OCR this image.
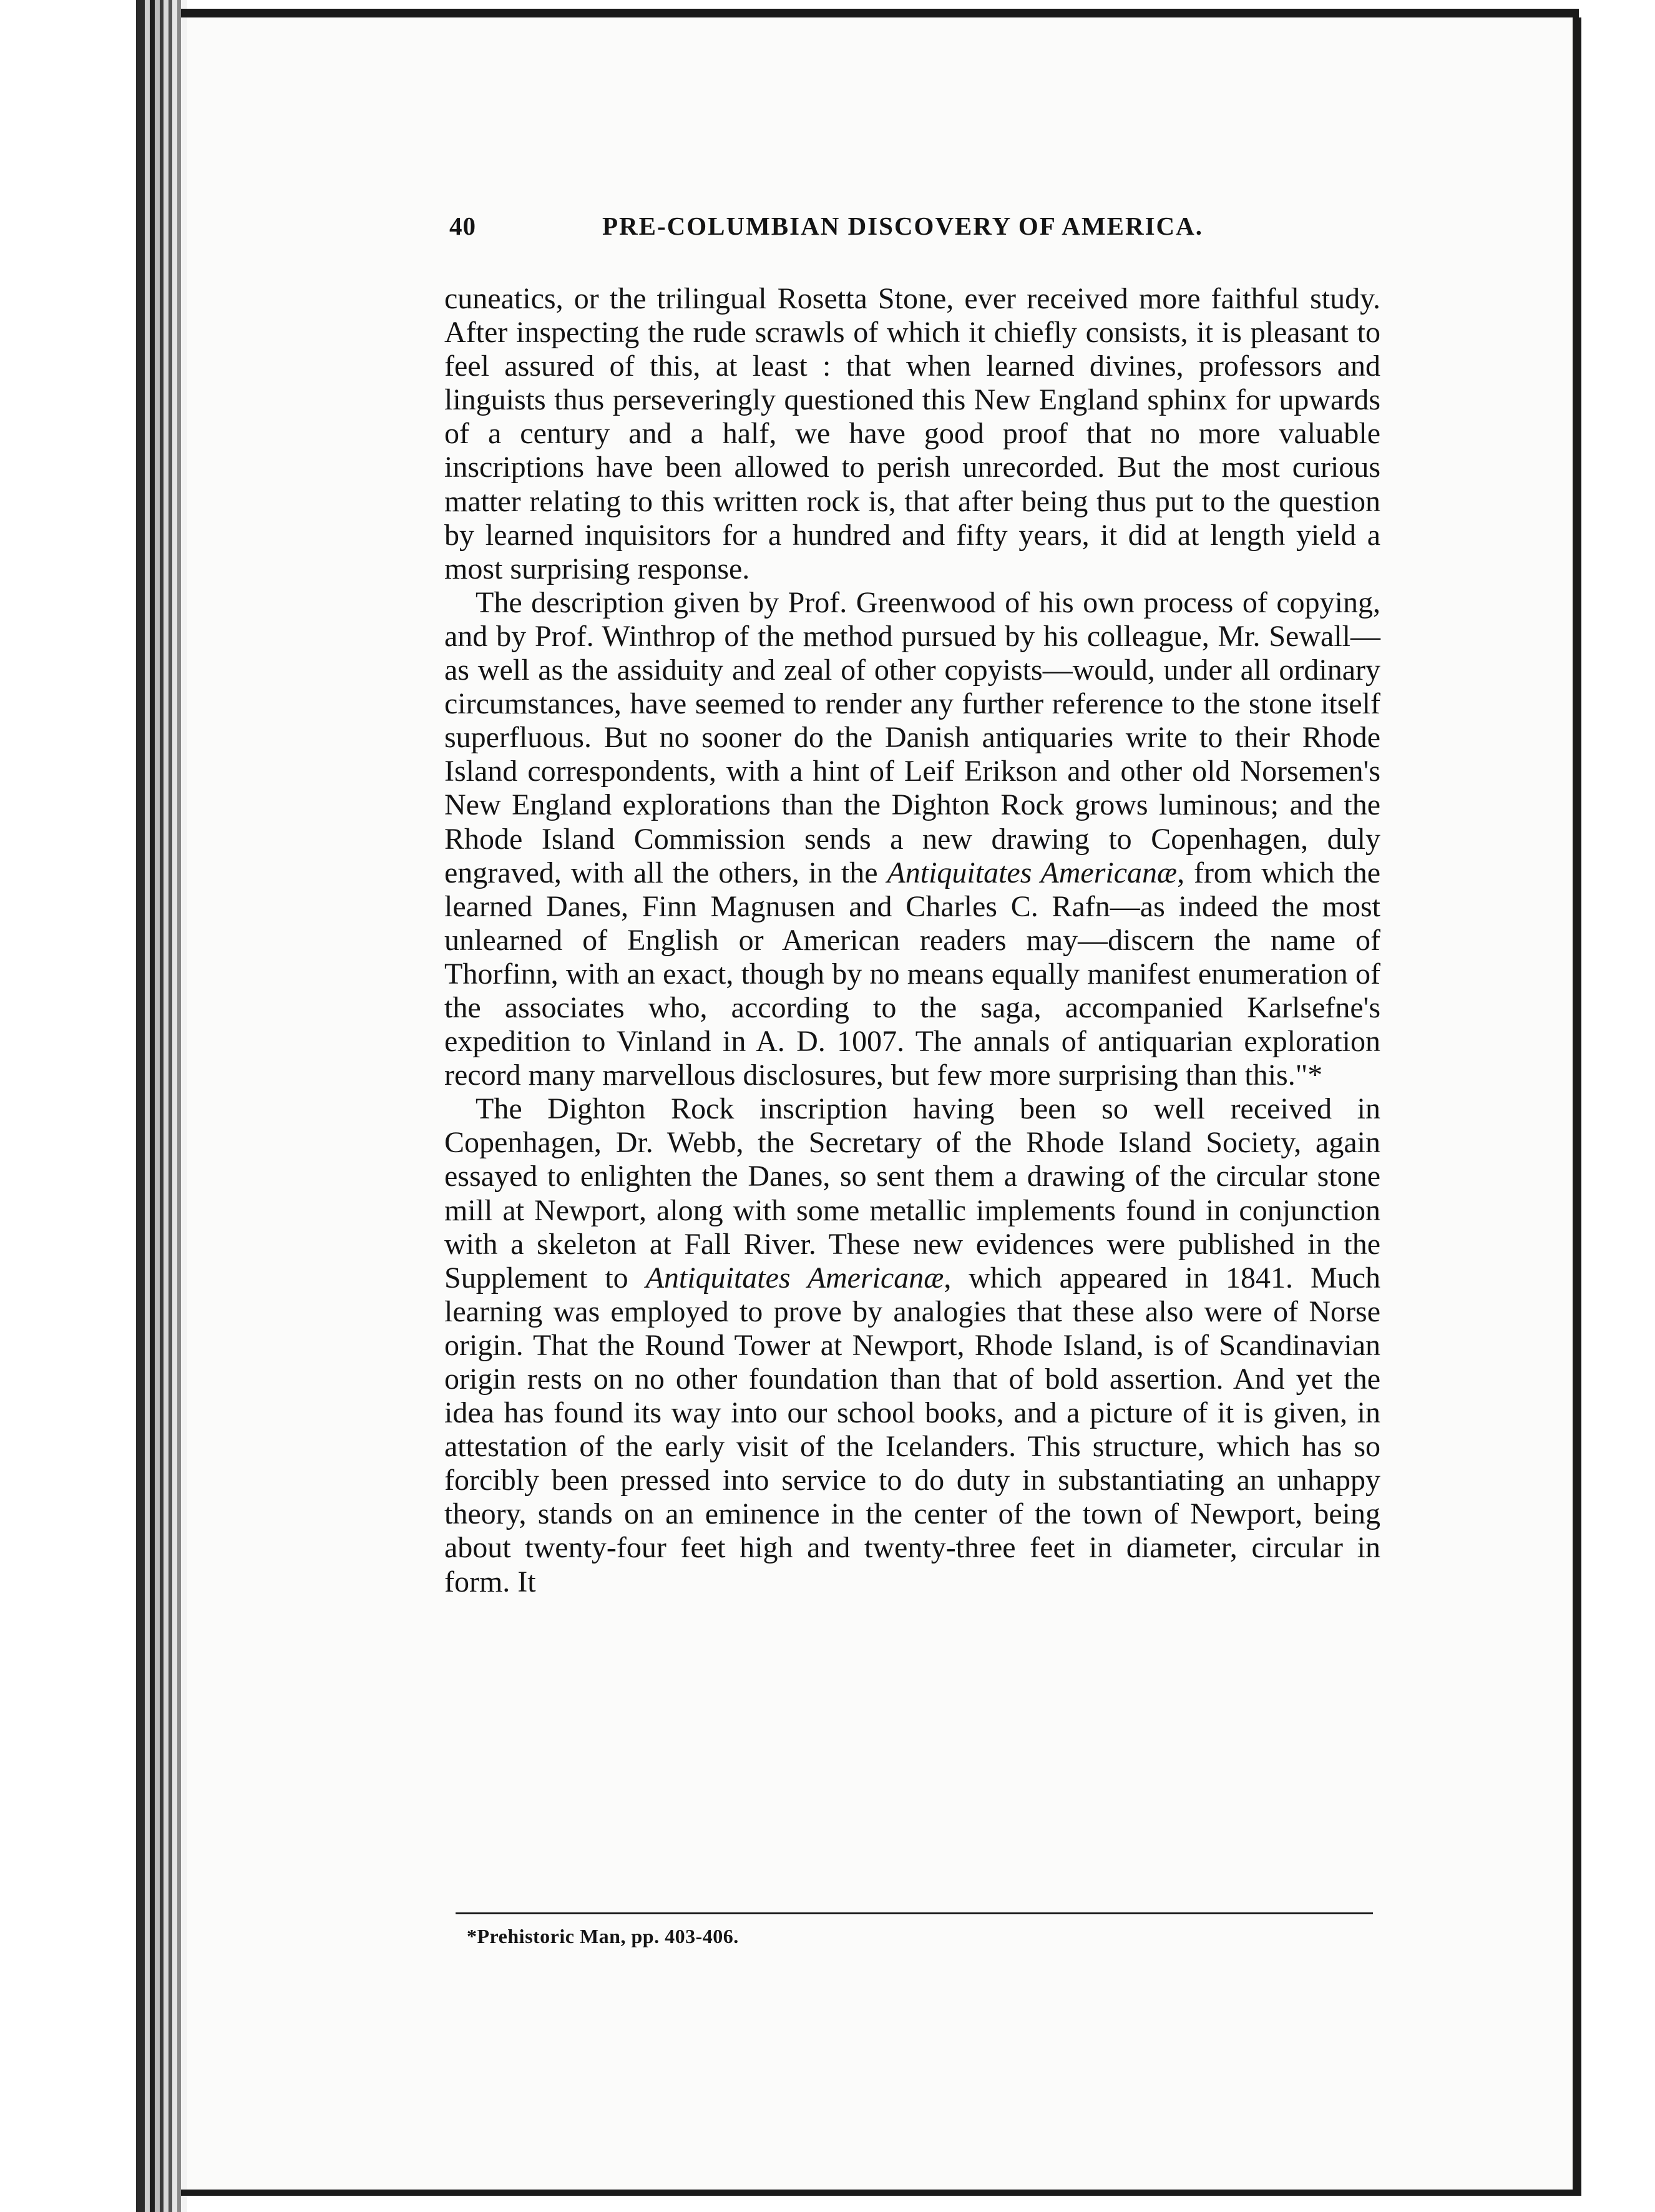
40	PRE-COLUMBIAN DISCOVERY OF AMERICA.

cuneatics, or the trilingual Rosetta Stone, ever received more faithful study. After inspecting the rude scrawls of which it chiefly consists, it is pleasant to feel assured of this, at least : that when learned divines, professors and linguists thus perseveringly questioned this New England sphinx for upwards of a century and a half, we have good proof that no more valuable inscriptions have been allowed to perish unrecorded. But the most curious matter relating to this written rock is, that after being thus put to the question by learned inquisitors for a hundred and fifty years, it did at length yield a most surprising response.

The description given by Prof. Greenwood of his own process of copying, and by Prof. Winthrop of the method pursued by his colleague, Mr. Sewall—as well as the assiduity and zeal of other copyists—would, under all ordinary circumstances, have seemed to render any further reference to the stone itself superfluous. But no sooner do the Danish antiquaries write to their Rhode Island correspondents, with a hint of Leif Erikson and other old Norsemen's New England explorations than the Dighton Rock grows luminous; and the Rhode Island Commission sends a new drawing to Copenhagen, duly engraved, with all the others, in the Antiquitates Americanæ, from which the learned Danes, Finn Magnusen and Charles C. Rafn—as indeed the most unlearned of English or American readers may—discern the name of Thorfinn, with an exact, though by no means equally manifest enumeration of the associates who, according to the saga, accompanied Karlsefne's expedition to Vinland in A. D. 1007. The annals of antiquarian exploration record many marvellous disclosures, but few more surprising than this."*

The Dighton Rock inscription having been so well received in Copenhagen, Dr. Webb, the Secretary of the Rhode Island Society, again essayed to enlighten the Danes, so sent them a drawing of the circular stone mill at Newport, along with some metallic implements found in conjunction with a skeleton at Fall River. These new evidences were published in the Supplement to Antiquitates Americanæ, which appeared in 1841. Much learning was employed to prove by analogies that these also were of Norse origin. That the Round Tower at Newport, Rhode Island, is of Scandinavian origin rests on no other foundation than that of bold assertion. And yet the idea has found its way into our school books, and a picture of it is given, in attestation of the early visit of the Icelanders. This structure, which has so forcibly been pressed into service to do duty in substantiating an unhappy theory, stands on an eminence in the center of the town of Newport, being about twenty-four feet high and twenty-three feet in diameter, circular in form. It

*Prehistoric Man, pp. 403-406.
